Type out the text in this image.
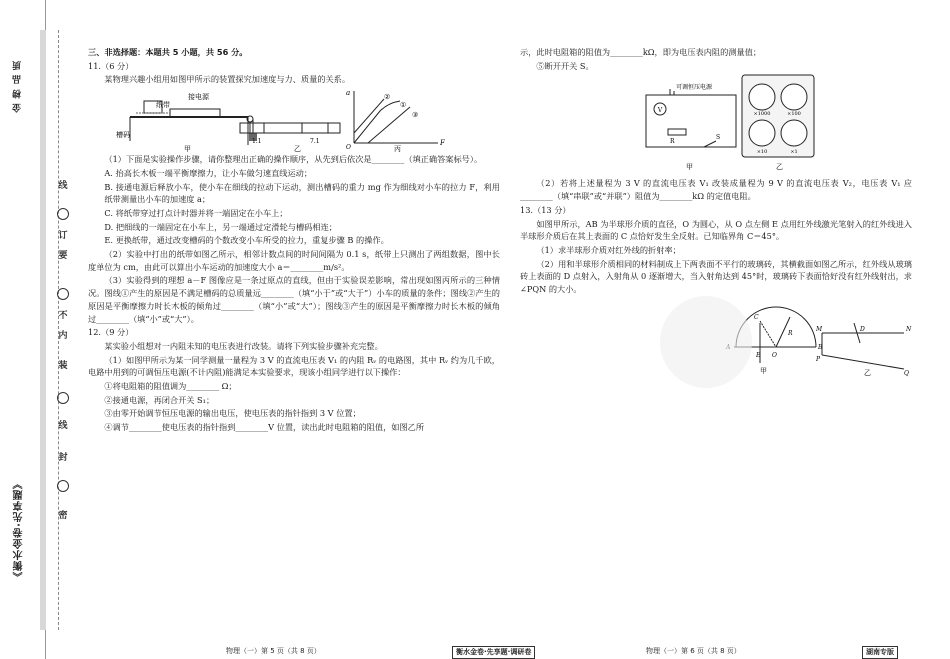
金 榜 品 质
《衡水金卷·先享题》
线
订
要
不
内
装
线
封
密
三、非选择题：本题共 5 小题，共 56 分。
11.（6 分）
某物理兴趣小组用如图甲所示的装置探究加速度与力、质量的关系。
接电源
纸带
槽码
甲
1.1	7.1
乙
F
a
O
②
①
③
丙
（1）下面是实验操作步骤，请你整理出正确的操作顺序，从先到后依次是________（填正确答案标号）。
A. 抬高长木板一端平衡摩擦力，让小车做匀速直线运动；
B. 接通电源后释放小车，使小车在细线的拉动下运动，测出槽码的重力 mg 作为细线对小车的拉力 F，利用纸带测量出小车的加速度 a；
C. 将纸带穿过打点计时器并将一端固定在小车上；
D. 把细线的一端固定在小车上，另一端通过定滑轮与槽码相连；
E. 更换纸带，通过改变槽码的个数改变小车所受的拉力，重复步骤 B 的操作。
（2）实验中打出的纸带如图乙所示，相邻计数点间的时间间隔为 0.1 s，纸带上只测出了两组数据，图中长度单位为 cm，由此可以算出小车运动的加速度大小 a＝________m/s²。
（3）实验得到的理想 a－F 图像应是一条过原点的直线，但由于实验误差影响，常出现如图丙所示的三种情况。图线①产生的原因是不满足槽码的总质量远________（填“小于”或“大于”）小车的质量的条件；图线②产生的原因是平衡摩擦力时长木板的倾角过________（填“小”或“大”）；图线③产生的原因是平衡摩擦力时长木板的倾角过________（填“小”或“大”）。
12.（9 分）
某实验小组想对一内阻未知的电压表进行改装。请将下列实验步骤补充完整。
（1）如图甲所示为某一同学测量一量程为 3 V 的直流电压表 V₁ 的内阻 Rᵥ 的电路图，其中 Rᵥ 约为几千欧，电路中用到的可调恒压电源(不计内阻)能满足本实验要求，现该小组同学进行以下操作：
①将电阻箱的阻值调为________ Ω；
②接通电源，再闭合开关 S₁；
③由零开始调节恒压电源的输出电压，使电压表的指针指到 3 V 位置；
④调节________使电压表的指针指到________V 位置，读出此时电阻箱的阻值，如图乙所
示，此时电阻箱的阻值为________kΩ，即为电压表内阻的测量值；
⑤断开开关 S。
V
R
S
可调恒压电源
甲
×1000	×100
×10	×1
乙
（2）若将上述量程为 3 V 的直流电压表 V₁ 改装成量程为 9 V 的直流电压表 V₂，电压表 V₁ 应________（填“串联”或“并联”）阻值为________kΩ 的定值电阻。
13.（13 分）
如图甲所示，AB 为半球形介质的直径，O 为圆心，从 O 点左侧 E 点用红外线激光笔射入的红外线进入半球形介质后在其上表面的 C 点恰好发生全反射。已知临界角 C＝45°。
（1）求半球形介质对红外线的折射率；
（2）用和半球形介质相同的材料制成上下两表面不平行的玻璃砖，其横截面如图乙所示，红外线从玻璃砖上表面的 D 点射入，入射角从 0 逐渐增大，当入射角达到 45°时，玻璃砖下表面恰好没有红外线射出，求∠PQN 的大小。
E O
B
C
R
甲
M	D	N
P
Q
乙
物理（一）第 5 页（共 8 页）	衡水金卷·先享题·调研卷	物理（一）第 6 页（共 8 页）	湖南专版
